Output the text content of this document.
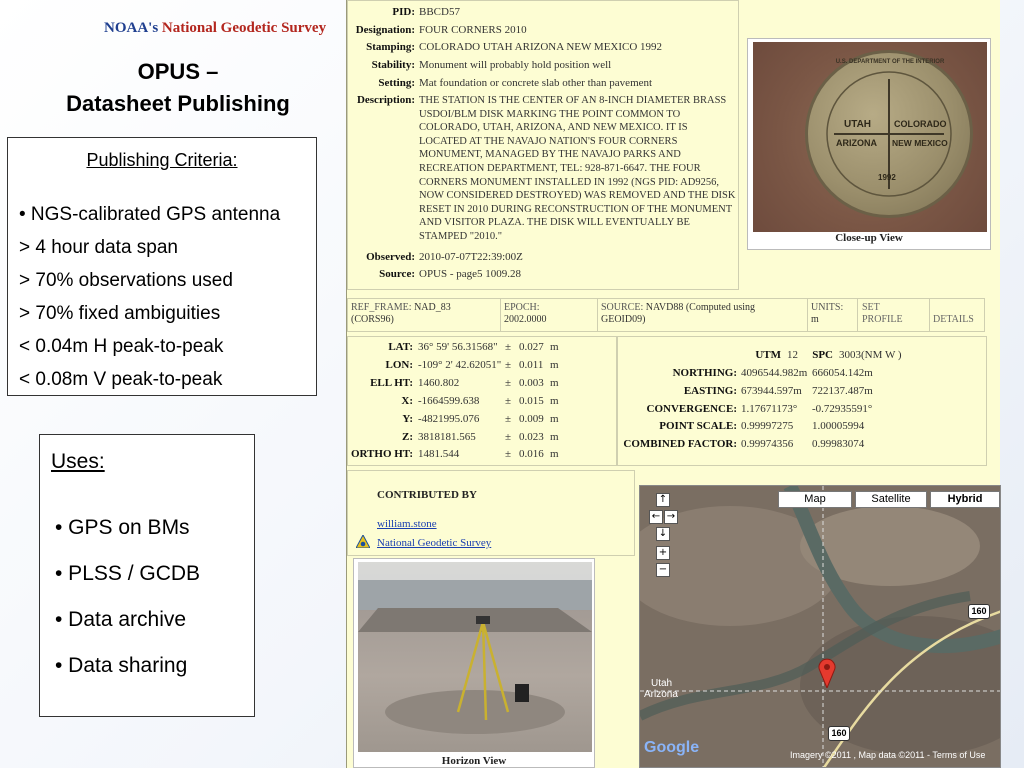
NOAA's National Geodetic Survey
OPUS –
Datasheet Publishing
Publishing Criteria:
• NGS-calibrated GPS antenna
> 4 hour data span
> 70% observations used
> 70% fixed ambiguities
< 0.04m H peak-to-peak
< 0.08m V peak-to-peak
Uses:
• GPS on BMs
• PLSS / GCDB
• Data archive
• Data sharing
PID: BBCD57
Designation: FOUR CORNERS 2010
Stamping: COLORADO UTAH ARIZONA NEW MEXICO 1992
Stability: Monument will probably hold position well
Setting: Mat foundation or concrete slab other than pavement
Description: THE STATION IS THE CENTER OF AN 8-INCH DIAMETER BRASS USDOI/BLM DISK MARKING THE POINT COMMON TO COLORADO, UTAH, ARIZONA, AND NEW MEXICO. IT IS LOCATED AT THE NAVAJO NATION'S FOUR CORNERS MONUMENT, MANAGED BY THE NAVAJO PARKS AND RECREATION DEPARTMENT, TEL: 928-871-6647. THE FOUR CORNERS MONUMENT INSTALLED IN 1992 (NGS PID: AD9256, NOW CONSIDERED DESTROYED) WAS REMOVED AND THE DISK RESET IN 2010 DURING RECONSTRUCTION OF THE MONUMENT AND VISITOR PLAZA. THE DISK WILL EVENTUALLY BE STAMPED "2010."
Observed: 2010-07-07T22:39:00Z
Source: OPUS - page5 1009.28
U.S. DEPARTMENT OF THE INTERIOR
UTAH	COLORADO
ARIZONA NEW MEXICO
1992
Close-up View
REF_FRAME: NAD_83
(CORS96)
EPOCH:
2002.0000
SOURCE: NAVD88 (Computed using
GEOID09)
UNITS:
m
SET
PROFILE	DETAILS
LAT: 36° 59' 56.31568" ± 0.027 m
LON: -109° 2' 42.62051" ± 0.011 m
ELL HT: 1460.802	± 0.003 m
X: -1664599.638 ± 0.015 m
Y: -4821995.076 ± 0.009 m
Z: 3818181.565	± 0.023 m
ORTHO HT: 1481.544	± 0.016 m
UTM 12 SPC 3003(NM W )
NORTHING: 4096544.982m 666054.142m
EASTING: 673944.597m 722137.487m
CONVERGENCE: 1.17671173° -0.72935591°
POINT SCALE: 0.99997275 1.00005994
COMBINED FACTOR: 0.99974356 0.99983074
CONTRIBUTED BY
william.stone
National Geodetic Survey
Horizon View
Map	Satellite	Hybrid
↑
← →
↓
+
−
160
160
Utah
Arizona
Google	Imagery ©2011 , Map data ©2011 - Terms of Use
